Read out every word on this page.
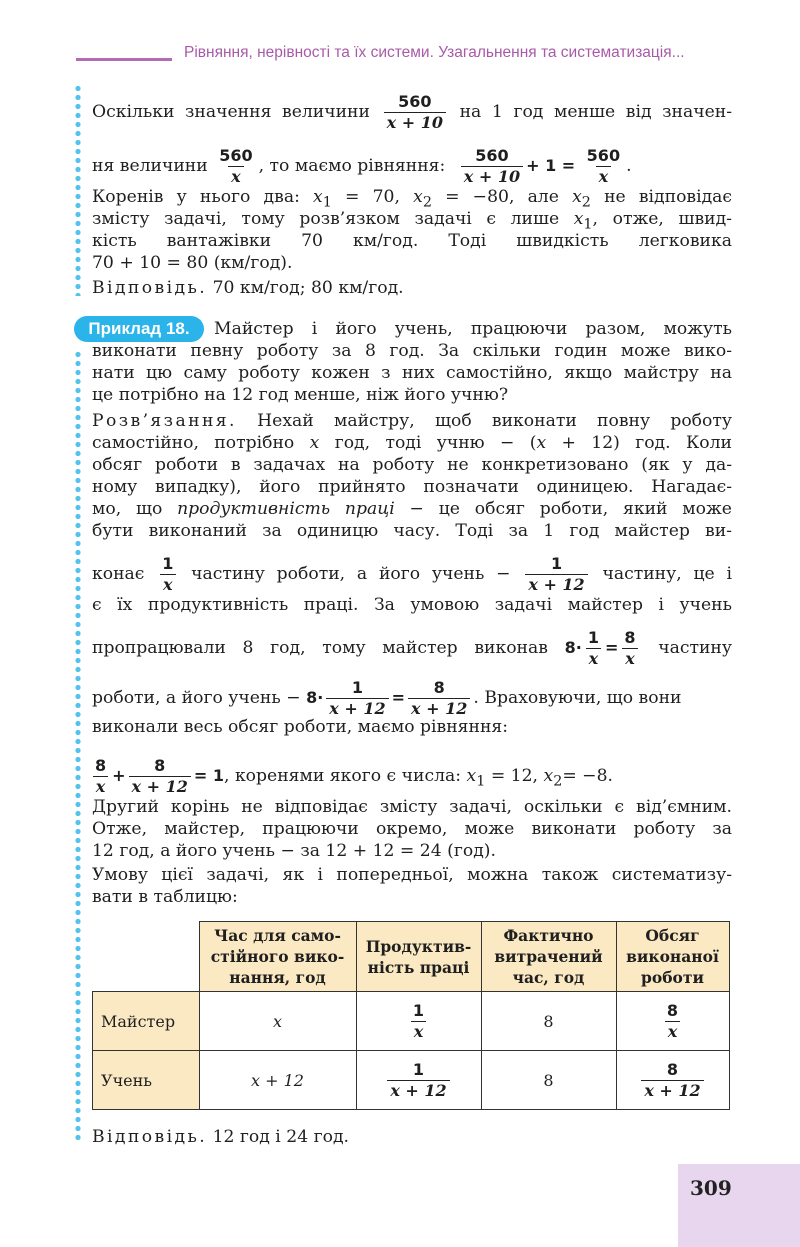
Рівняння, нерівності та їх системи. Узагальнення та систематизація...
Оскільки значення величини $\frac{560}{x + 10}$ на 1 год менше від значен-
ня величини $\frac{560}{x}$ , то маємо рівняння: $\frac{560}{x + 10} + 1 = \frac{560}{x}$ .
Коренів у нього два: $x_1 = 70$, $x_2 = -80$, але $x_2$ не відповідає
змісту задачі, тому розв’язком задачі є лише $x_1$, отже, швид-
кість вантажівки 70 км/год. Тоді швидкість легковика
70 + 10 = 80 (км/год).
Відповідь. 70 км/год; 80 км/год.
Приклад 18.	Майстер і його учень, працюючи разом, можуть
виконати певну роботу за 8 год. За скільки годин може вико-
нати цю саму роботу кожен з них самостійно, якщо майстру на
це потрібно на 12 год менше, ніж його учню?
Розв’язання. Нехай майстру, щоб виконати повну роботу
самостійно, потрібно x год, тоді учню − (x + 12) год. Коли
обсяг роботи в задачах на роботу не конкретизовано (як у да-
ному випадку), його прийнято позначати одиницею. Нагадає-
мо, що продуктивність праці − це обсяг роботи, який може
бути виконаний за одиницю часу. Тоді за 1 год майстер ви-
конає $\frac{1}{x}$ частину роботи, а його учень − $\frac{1}{x + 12}$ частину, це і
є їх продуктивність праці. За умовою задачі майстер і учень
пропрацювали 8 год, тому майстер виконав $8\cdot \frac{1}{x} = \frac{8}{x}$ частину
роботи, а його учень − $8\cdot \frac{1}{x + 12} = \frac{8}{x + 12}$ . Враховуючи, що вони
виконали весь обсяг роботи, маємо рівняння:
$\frac{8}{x} + \frac{8}{x + 12} = 1$, коренями якого є числа: $x_1 = 12$, $x_2= -8$.
Другий корінь не відповідає змісту задачі, оскільки є від’ємним.
Отже, майстер, працюючи окремо, може виконати роботу за
12 год, а його учень − за 12 + 12 = 24 (год).
Умову цієї задачі, як і попередньої, можна також систематизу-
вати в таблицю:
Відповідь. 12 год і 24 год.
	Час для само-
стійного вико-
нання, год	Продуктив-
ність праці	Фактично
витрачений
час, год	Обсяг
виконаної
роботи
Майстер	x	$\frac{1}{x}$	8	$\frac{8}{x}$

Учень	x + 12	$\frac{1}{x + 12}$	8	$\frac{8}{x + 12}$
309
